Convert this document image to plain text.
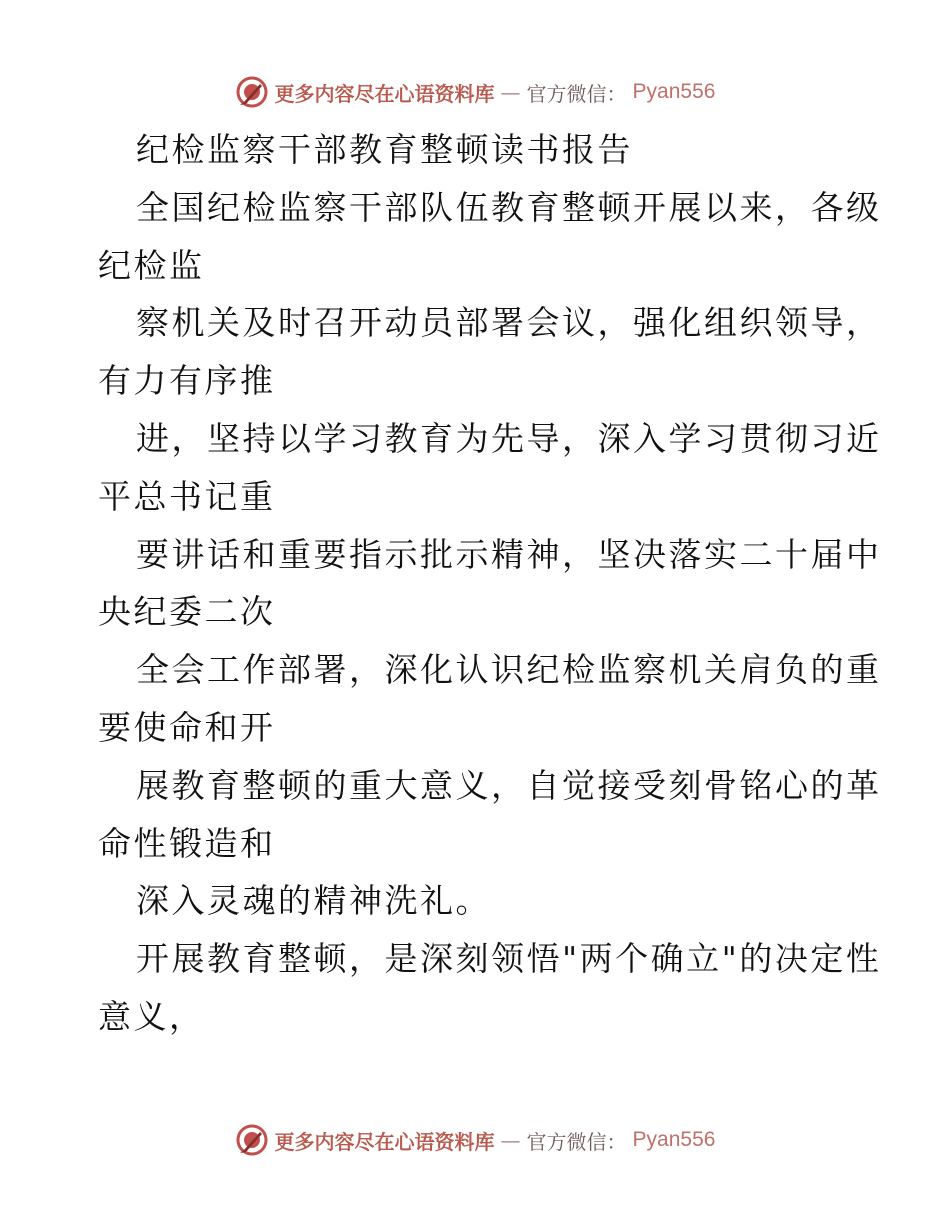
更多内容尽在心语资料库 — 官方微信： Pyan556
纪检监察干部教育整顿读书报告
全国纪检监察干部队伍教育整顿开展以来，各级
纪检监
察机关及时召开动员部署会议，强化组织领导，
有力有序推
进，坚持以学习教育为先导，深入学习贯彻习近
平总书记重
要讲话和重要指示批示精神，坚决落实二十届中
央纪委二次
全会工作部署，深化认识纪检监察机关肩负的重
要使命和开
展教育整顿的重大意义，自觉接受刻骨铭心的革
命性锻造和
深入灵魂的精神洗礼。
开展教育整顿，是深刻领悟"两个确立"的决定性
意义，
更多内容尽在心语资料库 — 官方微信： Pyan556
